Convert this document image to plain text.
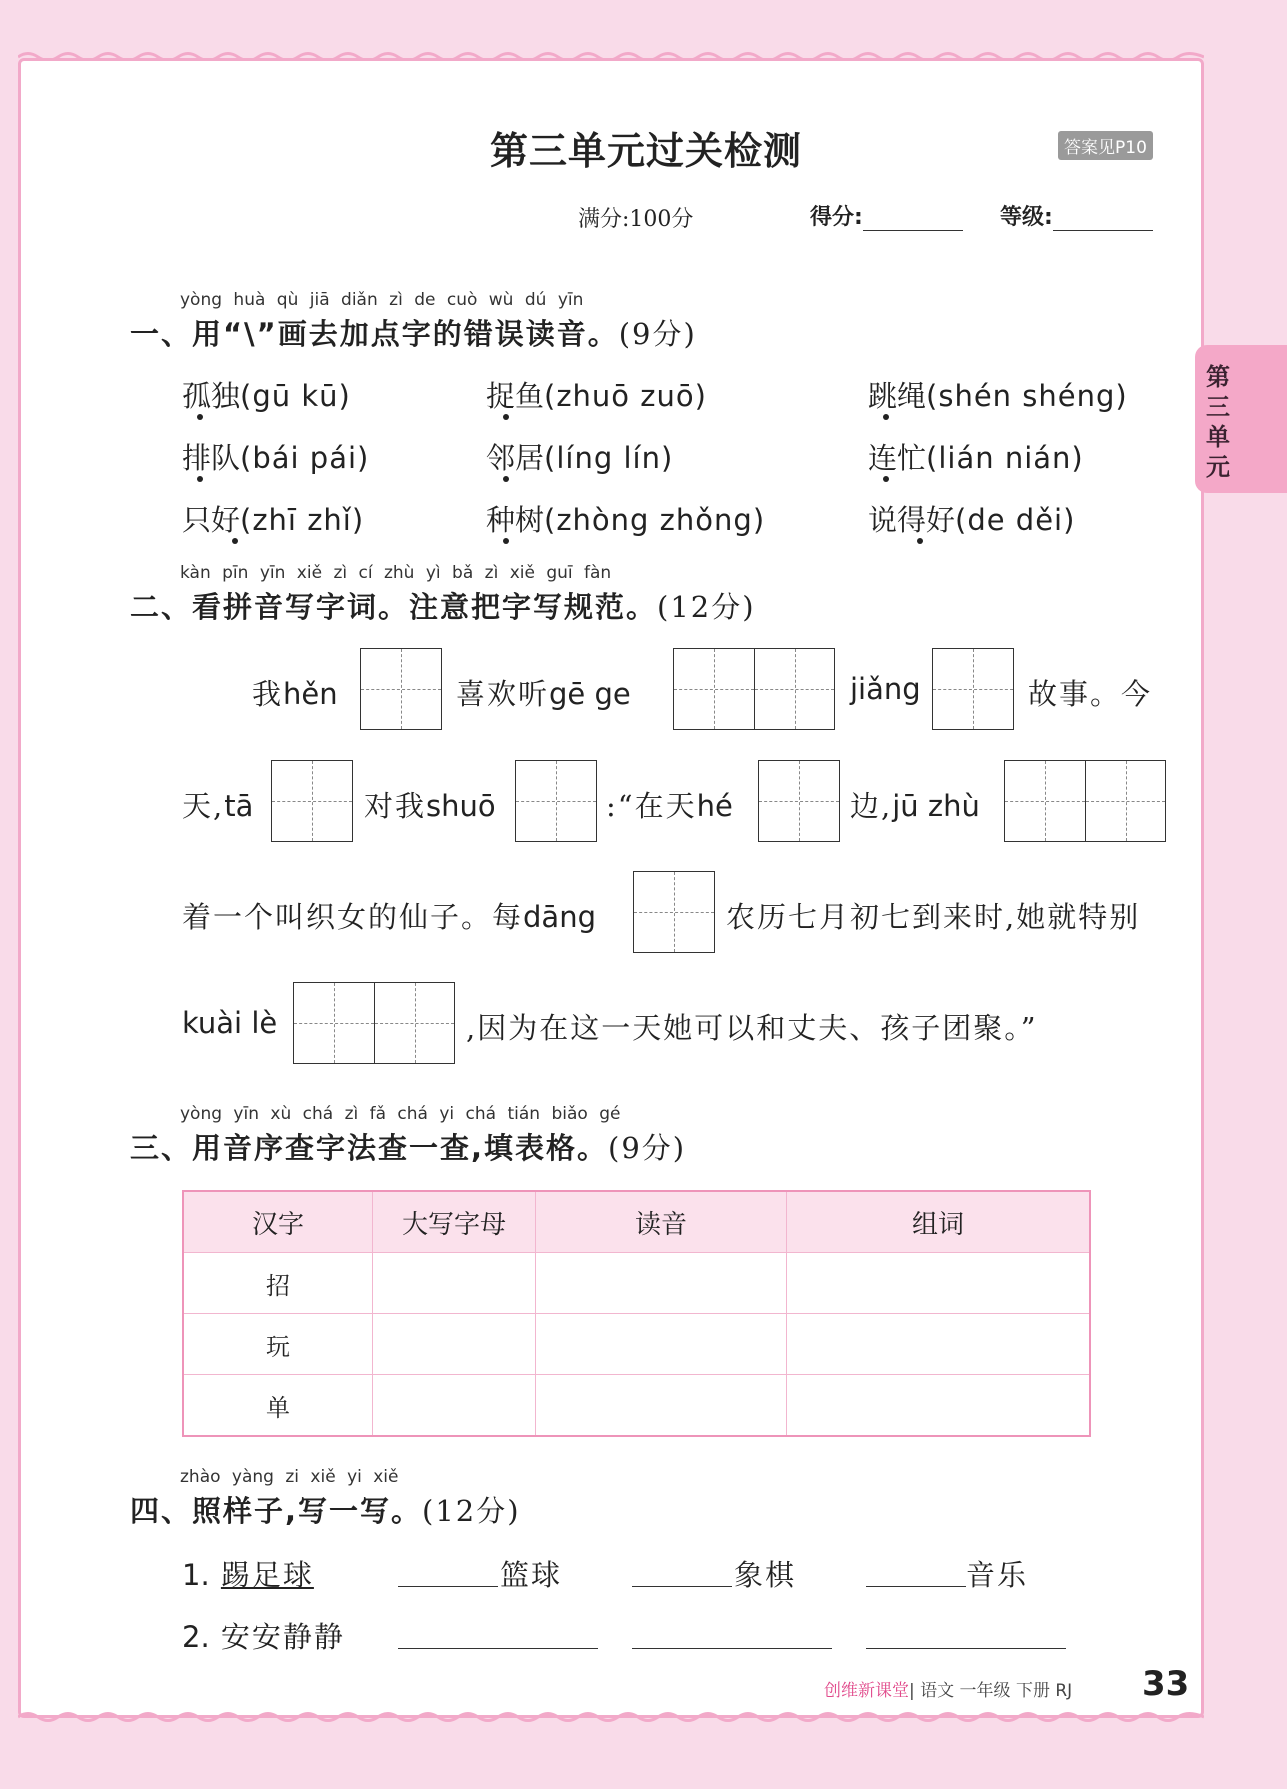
第三单元
第三单元过关检测	答案见P10
满分:100分	得分:	等级:
yòng huà qù jiā diǎn zì de cuò wù dú yīn
一、用“\”画去加点字的错误读音。(9分)
孤独(gū kū)	捉鱼(zhuō zuō)	跳绳(shén shéng)
排队(bái pái)	邻居(líng lín)	连忙(lián nián)
只好(zhī zhǐ)	种树(zhòng zhǒng)	说得好(de děi)
kàn pīn yīn xiě zì cí zhù yì bǎ zì xiě guī fàn
二、看拼音写字词。注意把字写规范。(12分)
我hěn	喜欢听gē ge	jiǎng	故事。今
天,tā	对我shuō	:“在天hé	边,jū zhù
着一个叫织女的仙子。每dāng	农历七月初七到来时,她就特别
kuài lè	,因为在这一天她可以和丈夫、孩子团聚。”
yòng yīn xù chá zì fǎ chá yi chá tián biǎo gé
三、用音序查字法查一查,填表格。(9分)
汉字	大写字母	读音	组词
招			
玩			
单			
zhào yàng zi xiě yi xiě
四、照样子,写一写。(12分)
1. 踢足球	篮球	象棋	音乐
2. 安安静静
创维新课堂| 语文 一年级 下册 RJ 33
